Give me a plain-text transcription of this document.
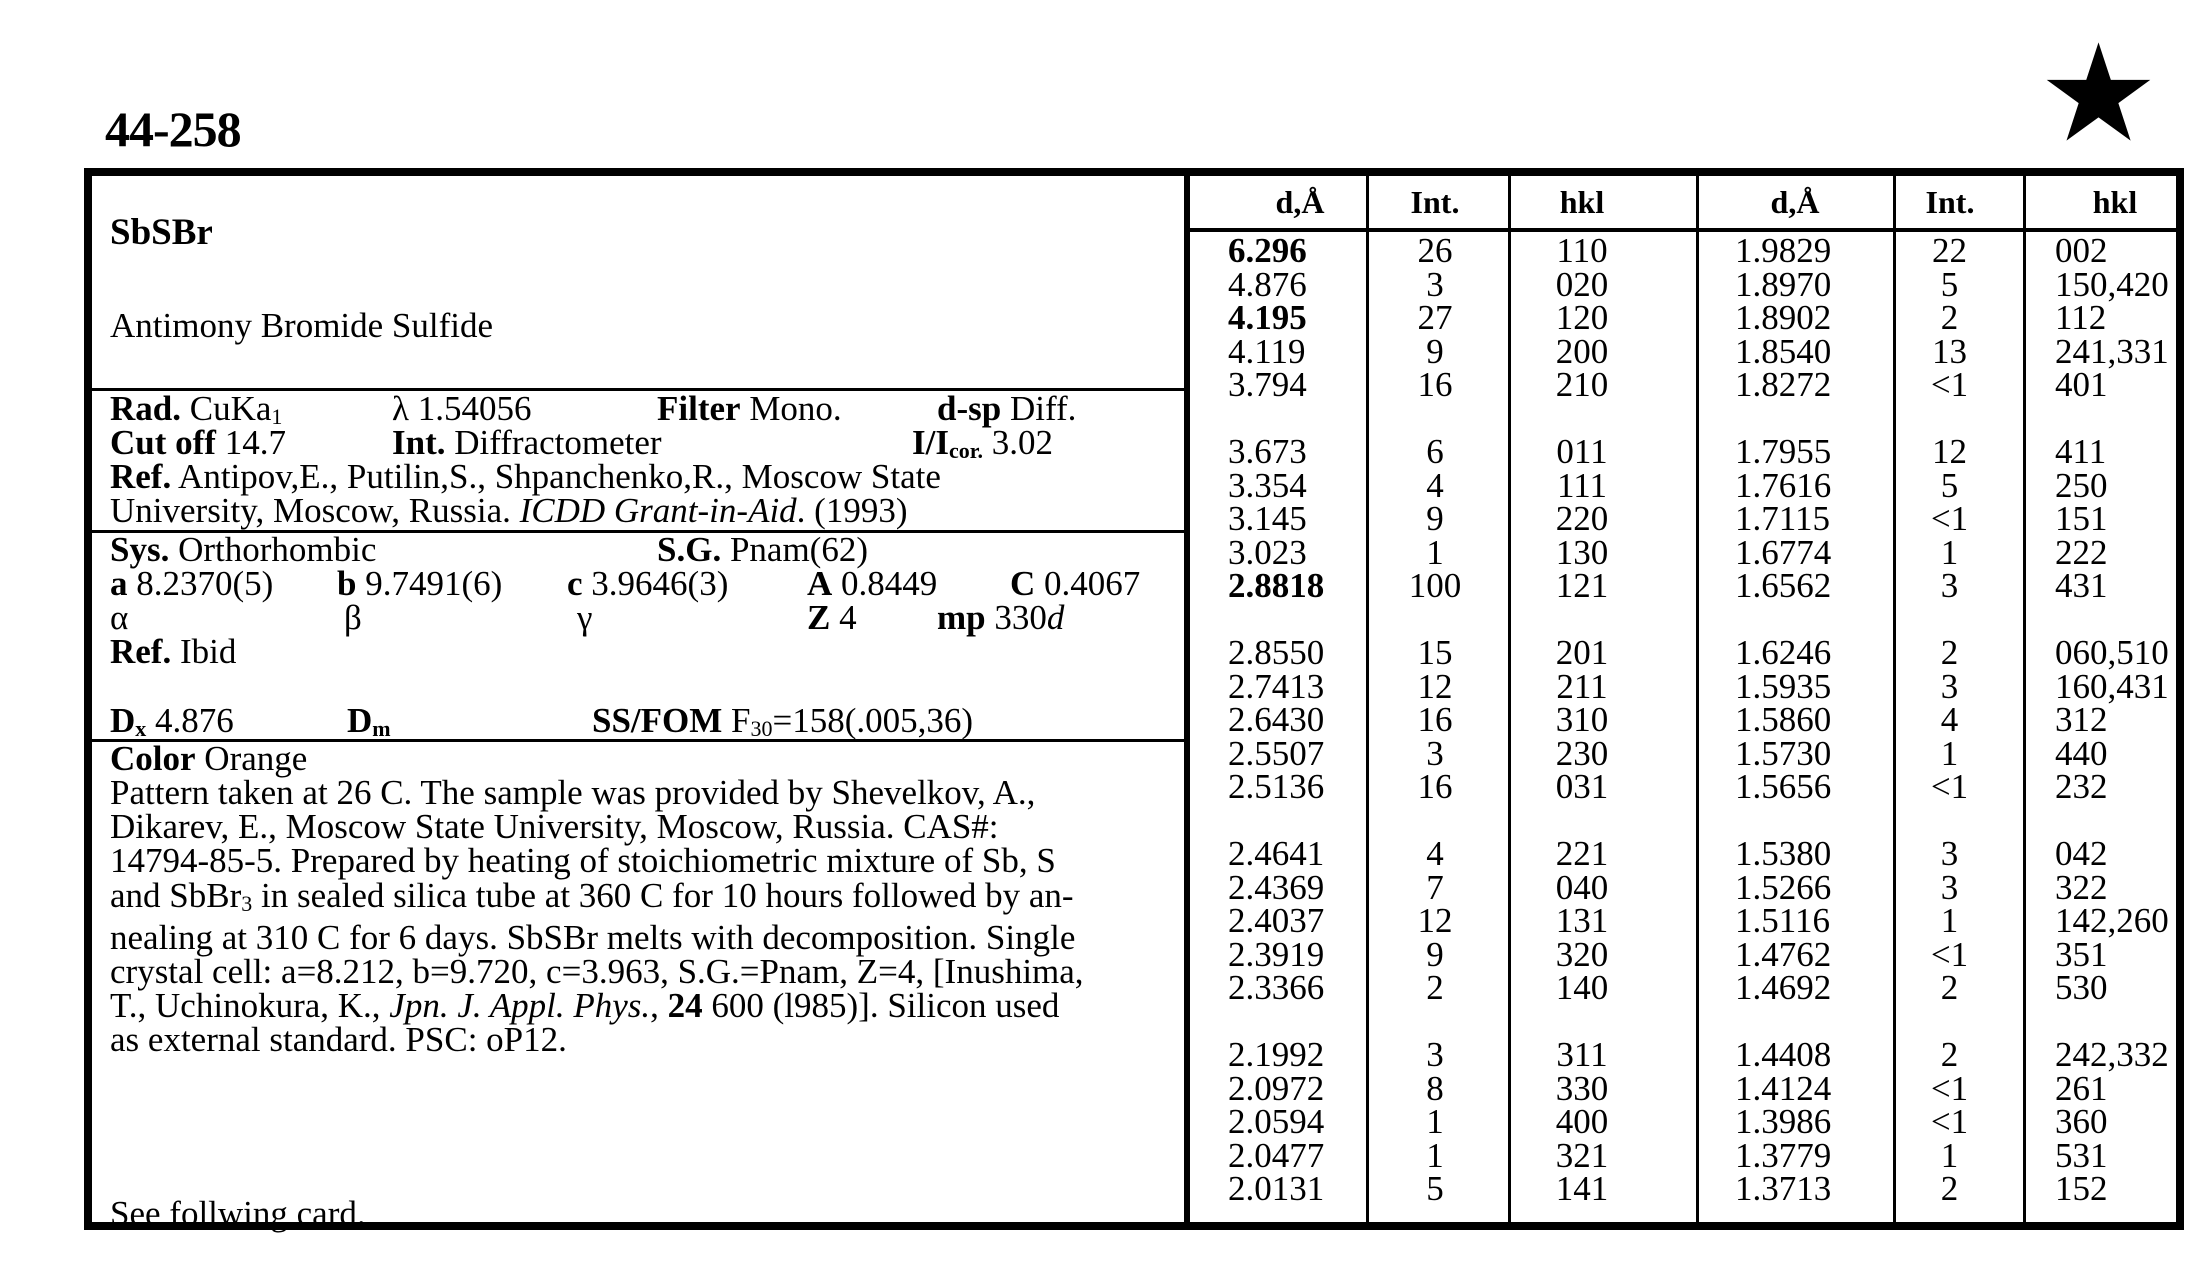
44-258	★
SbSBr
Antimony Bromide Sulfide
Rad. CuKa1	λ 1.54056	Filter Mono.	d-sp Diff.
Cut off 14.7	Int. Diffractometer	I/Icor. 3.02
Ref. Antipov,E., Putilin,S., Shpanchenko,R., Moscow State
University, Moscow, Russia. ICDD Grant-in-Aid. (1993)
Sys. Orthorhombic	S.G. Pnam(62)
a 8.2370(5) b 9.7491(6) c 3.9646(3) A 0.8449 C 0.4067
α	β	γ	Z 4 mp 330d
Ref. Ibid
Dx 4.876	Dm	SS/FOM F30=158(.005,36)
Color Orange
Pattern taken at 26 C. The sample was provided by Shevelkov, A.,
Dikarev, E., Moscow State University, Moscow, Russia. CAS#:
14794-85-5. Prepared by heating of stoichiometric mixture of Sb, S
and SbBr3 in sealed silica tube at 360 C for 10 hours followed by an-
nealing at 310 C for 6 days. SbSBr melts with decomposition. Single
crystal cell: a=8.212, b=9.720, c=3.963, S.G.=Pnam, Z=4, [Inushima,
T., Uchinokura, K., Jpn. J. Appl. Phys., 24 600 (l985)]. Silicon used
as external standard. PSC: oP12.
See follwing card.
d,Å	Int.	hkl	d,Å	Int.	hkl
6.296	26	110	1.9829	22	002
4.876	3	020	1.8970	5	150,420
4.195	27	120	1.8902	2	112
4.119	9	200	1.8540	13	241,331
3.794	16	210	1.8272	<1	401
3.673	6	011	1.7955	12	411
3.354	4	111	1.7616	5	250
3.145	9	220	1.7115	<1	151
3.023	1	130	1.6774	1	222
2.8818	100	121	1.6562	3	431
2.8550	15	201	1.6246	2	060,510
2.7413	12	211	1.5935	3	160,431
2.6430	16	310	1.5860	4	312
2.5507	3	230	1.5730	1	440
2.5136	16	031	1.5656	<1	232
2.4641	4	221	1.5380	3	042
2.4369	7	040	1.5266	3	322
2.4037	12	131	1.5116	1	142,260
2.3919	9	320	1.4762	<1	351
2.3366	2	140	1.4692	2	530
2.1992	3	311	1.4408	2	242,332
2.0972	8	330	1.4124	<1	261
2.0594	1	400	1.3986	<1	360
2.0477	1	321	1.3779	1	531
2.0131	5	141	1.3713	2	152
